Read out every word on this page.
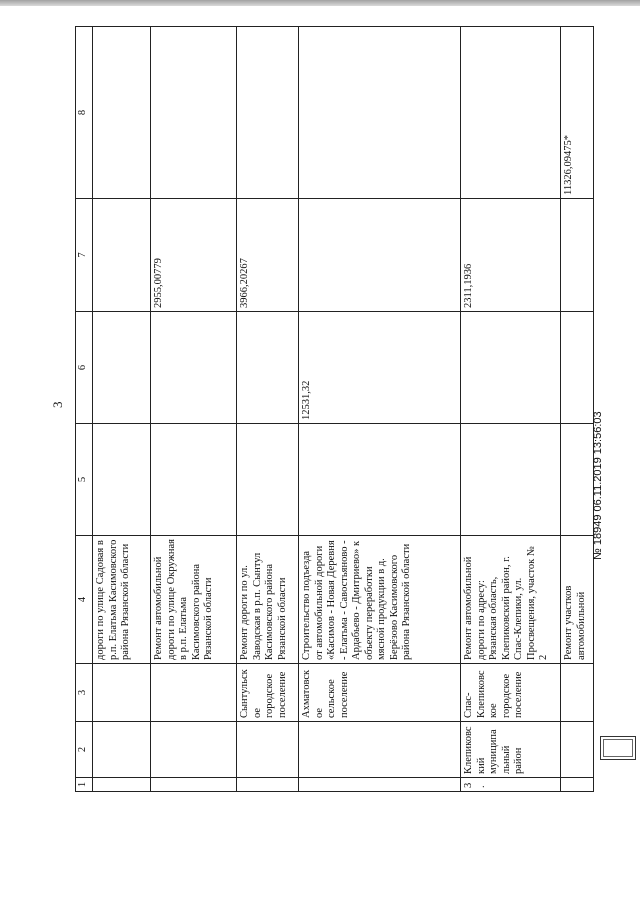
3
1	2	3	4	5	6	7	8
			дороги по улице Садовая в р.п. Елатьма Касимовского района Рязанской области				
			Ремонт автомобильной дороги по улице Окружная в р.п. Елатьма Касимовского района Рязанской области			2955,00779	
		Сынтульское городское поселение	Ремонт дороги по ул. Заводская в р.п. Сынтул Касимовского района Рязанской области			3966,20267	
		Ахматовское сельское поселение	Строительство подъезда от автомобильной дороги «Касимов - Новая Деревня - Елатьма - Савостьяново - Ардабьево - Дмитриево» к объекту переработки мясной продукции в д. Берёзово Касимовского района Рязанской области		12531,32		
3.	Клепиковский муниципальный район	Спас-Клепиковское городское поселение	Ремонт автомобильной дороги по адресу: Рязанская область, Клепиковский район, г. Спас-Клепики, ул. Просвещения, участок № 2			2311,1936	
			Ремонт участков автомобильной				11326,09475*
№ 18949 06.11.2019 13:56:03
